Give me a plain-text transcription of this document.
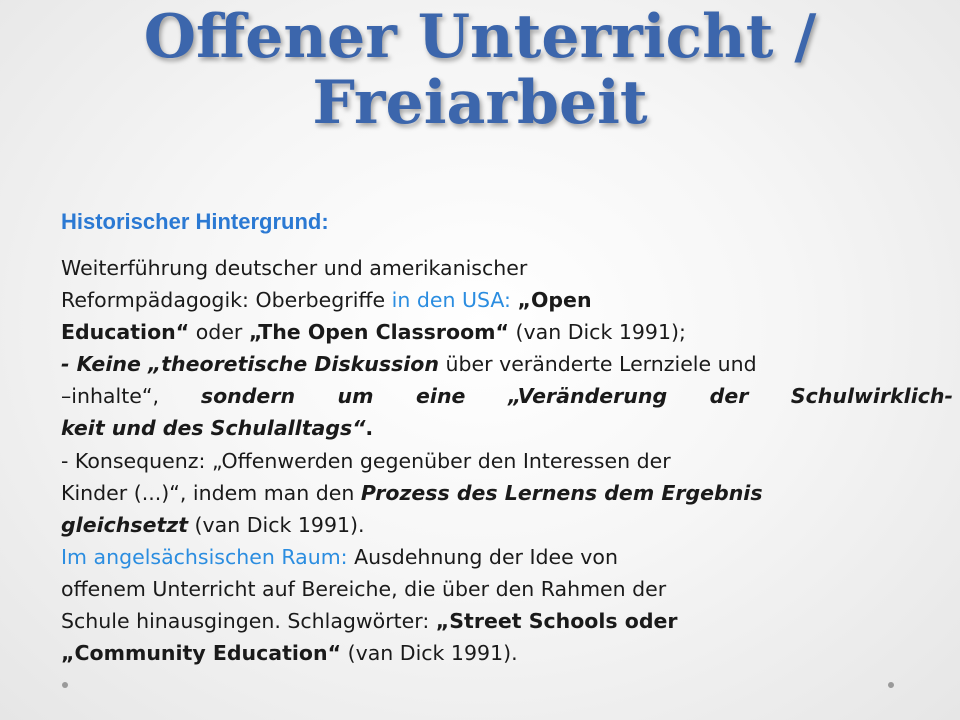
Offener Unterricht /
Freiarbeit
Historischer Hintergrund:
Weiterführung deutscher und amerikanischer
Reformpädagogik: Oberbegriffe in den USA: „Open
Education“ oder „The Open Classroom“ (van Dick 1991);
- Keine „theoretische Diskussion über veränderte Lernziele und
–inhalte“, sondern um eine „Veränderung der Schulwirklich-
keit und des Schulalltags“.
- Konsequenz: „Offenwerden gegenüber den Interessen der
Kinder (...)“, indem man den Prozess des Lernens dem Ergebnis
gleichsetzt (van Dick 1991).
Im angelsächsischen Raum: Ausdehnung der Idee von
offenem Unterricht auf Bereiche, die über den Rahmen der
Schule hinausgingen. Schlagwörter: „Street Schools oder
„Community Education“ (van Dick 1991).
